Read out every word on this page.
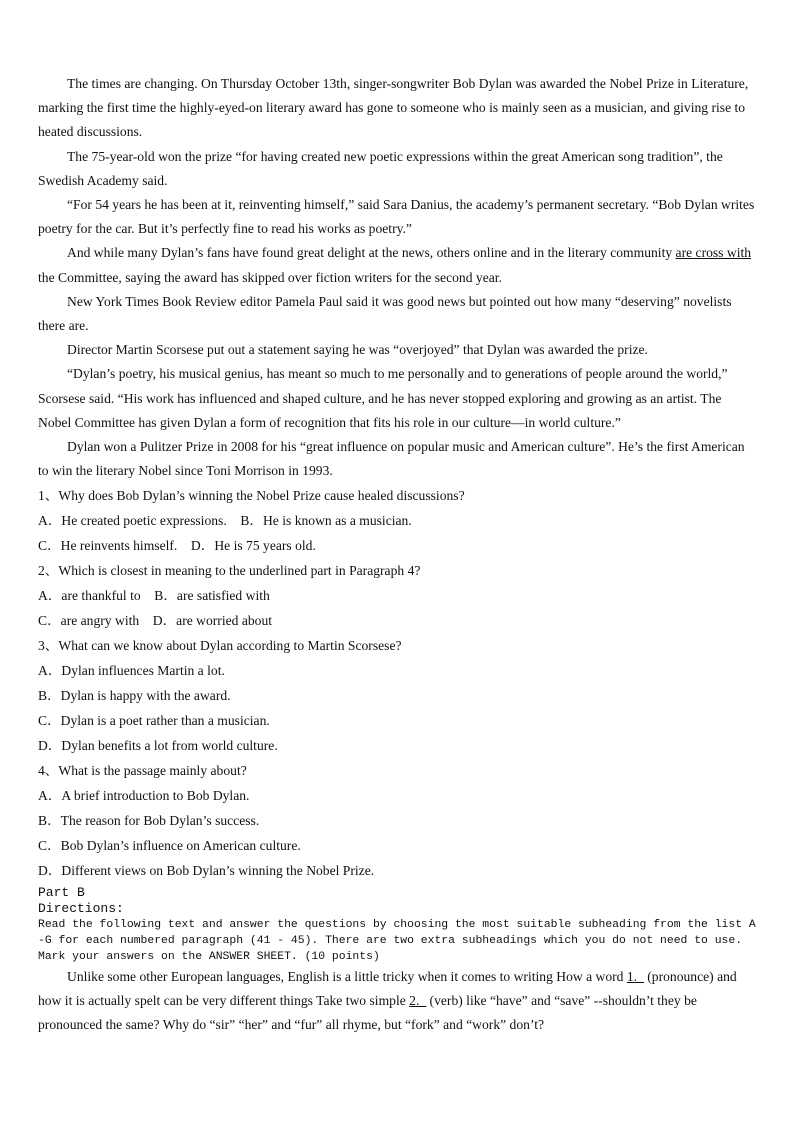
The times are changing. On Thursday October 13th, singer-songwriter Bob Dylan was awarded the Nobel Prize in Literature, marking the first time the highly-eyed-on literary award has gone to someone who is mainly seen as a musician, and giving rise to heated discussions.

The 75-year-old won the prize “for having created new poetic expressions within the great American song tradition”, the Swedish Academy said.

“For 54 years he has been at it, reinventing himself,” said Sara Danius, the academy’s permanent secretary. “Bob Dylan writes poetry for the car. But it’s perfectly fine to read his works as poetry.”

And while many Dylan’s fans have found great delight at the news, others online and in the literary community are cross with the Committee, saying the award has skipped over fiction writers for the second year.

New York Times Book Review editor Pamela Paul said it was good news but pointed out how many “deserving” novelists there are.

Director Martin Scorsese put out a statement saying he was “overjoyed” that Dylan was awarded the prize.

“Dylan’s poetry, his musical genius, has meant so much to me personally and to generations of people around the world,” Scorsese said. “His work has influenced and shaped culture, and he has never stopped exploring and growing as an artist. The Nobel Committee has given Dylan a form of recognition that fits his role in our culture—in world culture.”

Dylan won a Pulitzer Prize in 2008 for his “great influence on popular music and American culture”. He’s the first American to win the literary Nobel since Toni Morrison in 1993.

1、Why does Bob Dylan’s winning the Nobel Prize cause healed discussions?

A．He created poetic expressions.　B．He is known as a musician.

C．He reinvents himself.　D．He is 75 years old.

2、Which is closest in meaning to the underlined part in Paragraph 4?

A．are thankful to　B．are satisfied with

C．are angry with　D．are worried about

3、What can we know about Dylan according to Martin Scorsese?

A．Dylan influences Martin a lot.

B．Dylan is happy with the award.

C．Dylan is a poet rather than a musician.

D．Dylan benefits a lot from world culture.

4、What is the passage mainly about?

A．A brief introduction to Bob Dylan.

B．The reason for Bob Dylan’s success.

C．Bob Dylan’s influence on American culture.

D．Different views on Bob Dylan’s winning the Nobel Prize.

Part B

Directions:

Read the following text and answer the questions by choosing the most suitable subheading from the list A -G for each numbered paragraph (41 - 45). There are two extra subheadings which you do not need to use. Mark your answers on the ANSWER SHEET. (10 points)

Unlike some other European languages, English is a little tricky when it comes to writing How a word 1._ (pronounce) and how it is actually spelt can be very different things Take two simple 2._ (verb) like “have” and “save” --shouldn’t they be pronounced the same? Why do “sir” “her” and “fur” all rhyme, but “fork” and “work” don’t?
